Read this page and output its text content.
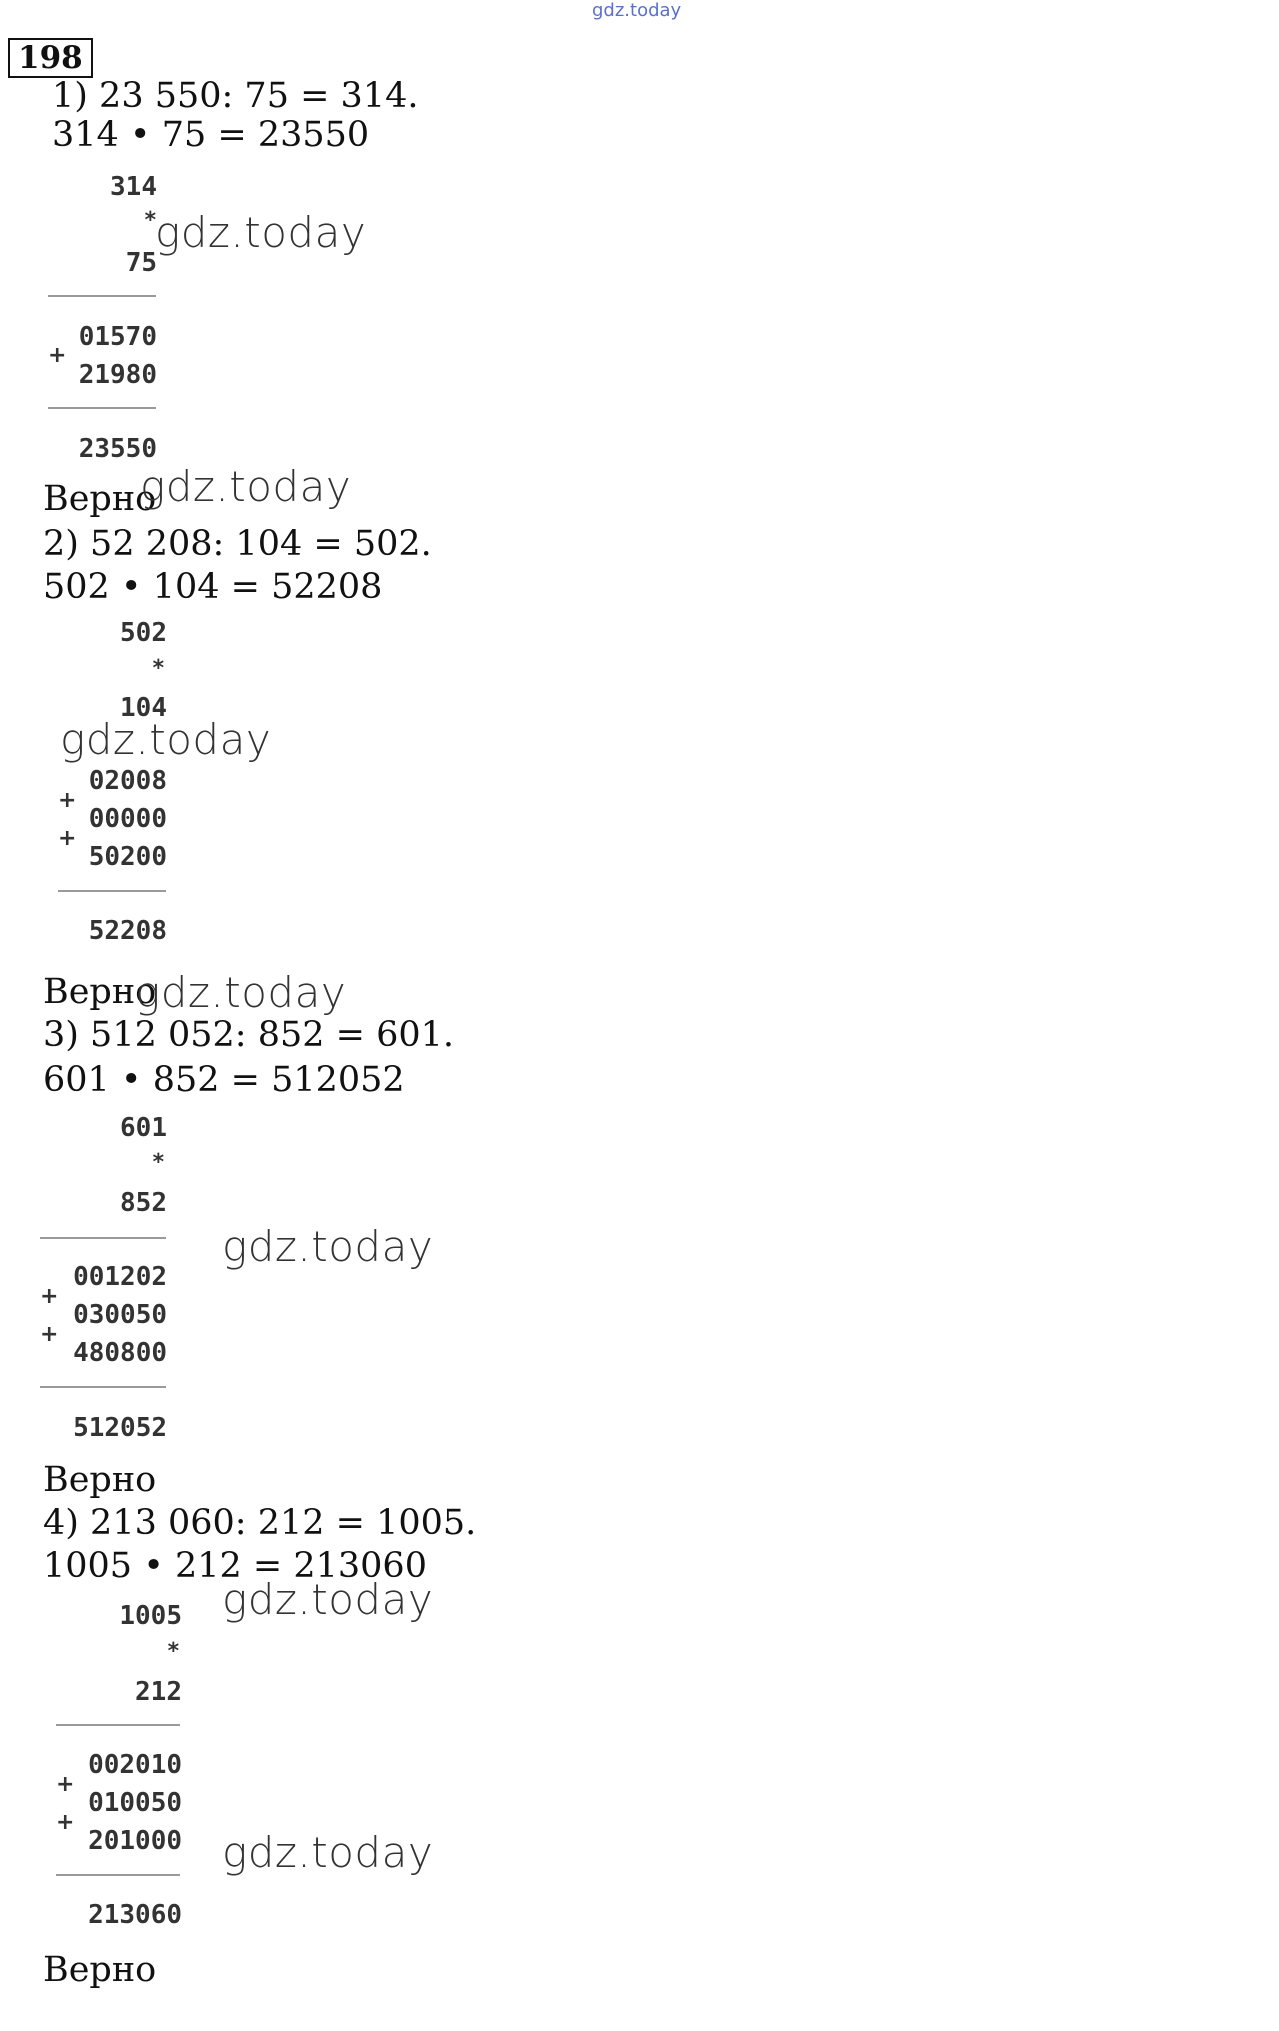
gdz.today
198
1) 23 550: 75 = 314.
314 • 75 = 23550
314
*
75
01570
+
21980
23550
Верно
2) 52 208: 104 = 502.
502 • 104 = 52208
502
*
104
02008
+
00000
+
50200
52208
Верно
3) 512 052: 852 = 601.
601 • 852 = 512052
601
*
852
001202
+
030050
+
480800
512052
Верно
4) 213 060: 212 = 1005.
1005 • 212 = 213060
1005
*
212
002010
+
010050
+
201000
213060
Верно
gdz.today
gdz.today
gdz.today
gdz.today
gdz.today
gdz.today
gdz.today
